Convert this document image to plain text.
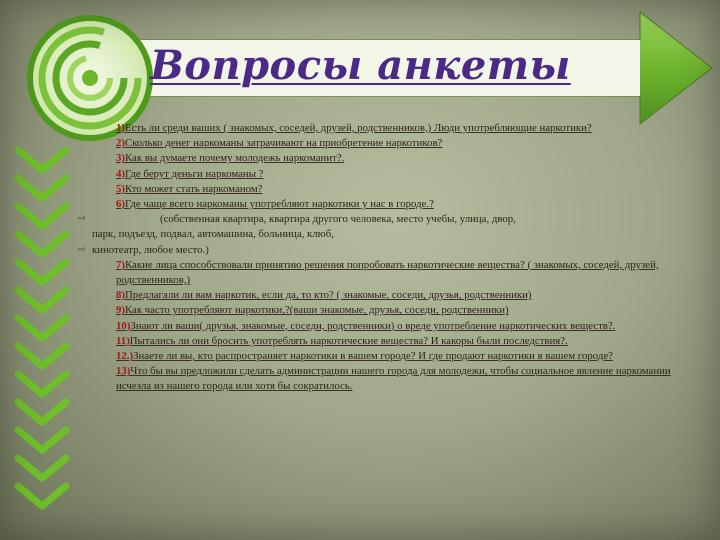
Вопросы анкеты
1)Есть ли среди ваших ( знакомых, соседей, друзей, родственников,) Люди употребляющие наркотики?
2)Сколько денег наркоманы затрачивают на приобретение наркотиков?
3)Как вы думаете почему молодежь наркоманит?.
4)Где берут деньги наркоманы ?
5)Кто может стать наркоманом?
6)Где чаще всего наркоманы употребляют наркотики у нас в городе.?
⇨	(собственная квартира, квартира другого человека, место учебы, улица, двор,
парк, подъезд, подвал, автомашина, больница, клюб,
⇨ кинотеатр, любое место.)
7)Какие лица способствовали принятию решения попробовать наркотические вещества? ( знакомых, соседей, друзей, родственников,)
8)Предлагали ли вам наркотик, если да, то кто? ( знакомые, соседи, друзья, родственники)
9)Как часто употребляют наркотики,?(ваши знакомые, друзья, соседи, родственники)
10)Знают ли ваши( друзья, знакомые, соседи, родственники) о вреде употребление наркотических веществ?.
11)Пытались ли они бросить употреблять наркотические вещества? И какоры были последствия?.
12.)Знаете ли вы, кто распространяет наркотики в вашем городе? И где продают наркотики в вашем городе?
13)Что бы вы предложили сделать администрации нашего города для молодежи, чтобы социальное явление наркомании исчезла из нашего города или хотя бы сократилось.
